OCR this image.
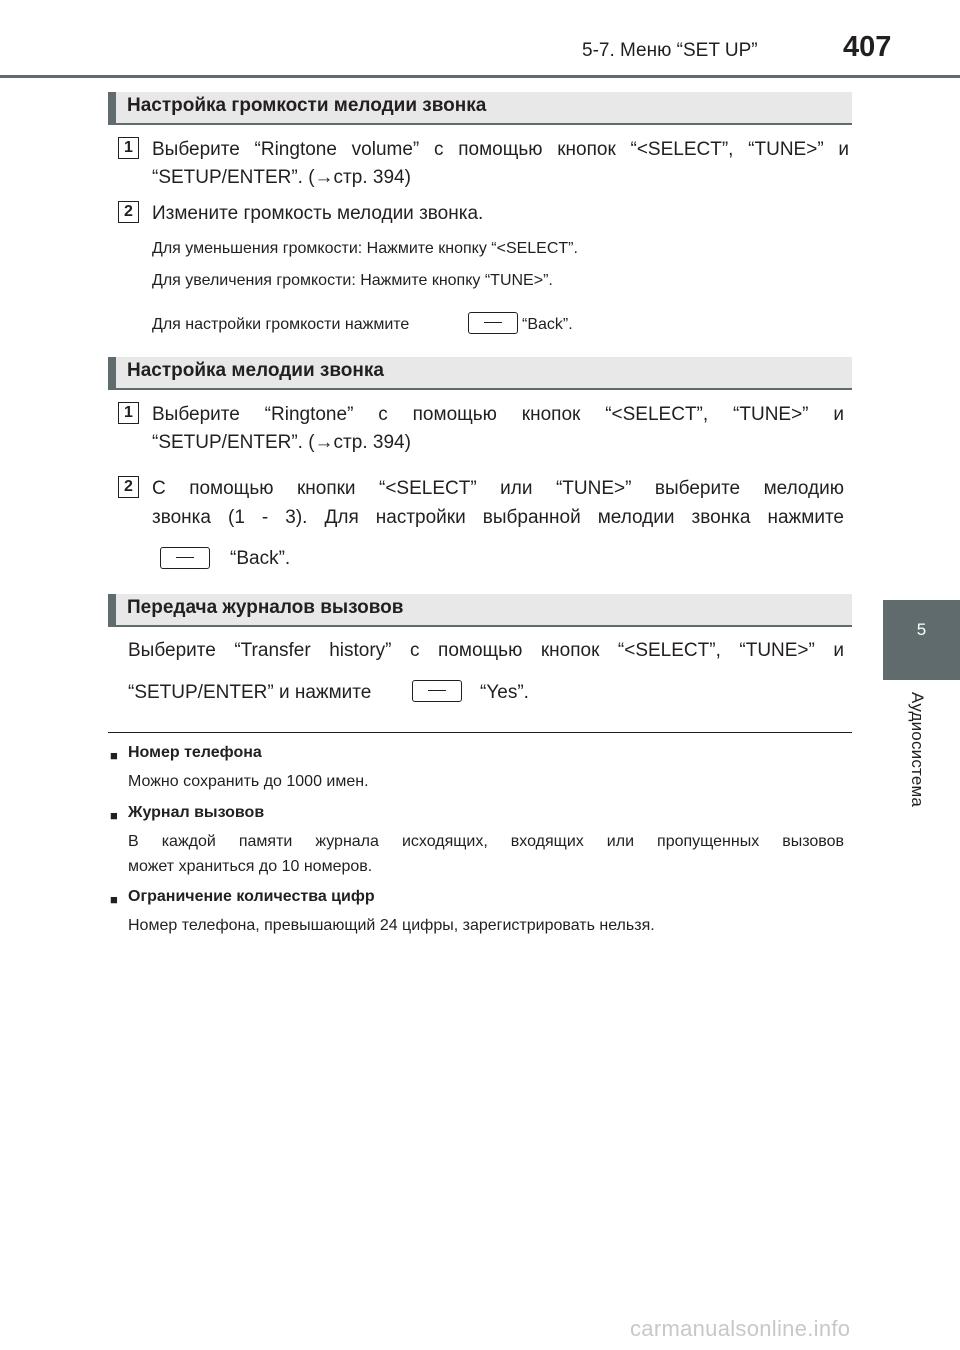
5-7. Меню “SET UP”	407
5
Аудиосистема
Настройка громкости мелодии звонка
1	Выберите “Ringtone volume” с помощью кнопок “<SELECT”, “TUNE>” и
“SETUP/ENTER”. (→стр. 394)
2	Измените громкость мелодии звонка.
Для уменьшения громкости: Нажмите кнопку “<SELECT”.
Для увеличения громкости: Нажмите кнопку “TUNE>”.
Для настройки громкости нажмите	“Back”.
Настройка мелодии звонка
1	Выберите “Ringtone” с помощью кнопок “<SELECT”, “TUNE>” и
“SETUP/ENTER”. (→стр. 394)
2	С помощью кнопки “<SELECT” или “TUNE>” выберите мелодию
звонка (1 - 3). Для настройки выбранной мелодии звонка нажмите
“Back”.
Передача журналов вызовов
Выберите “Transfer history” с помощью кнопок “<SELECT”, “TUNE>” и
“SETUP/ENTER” и нажмите	“Yes”.
■ Номер телефона
Можно сохранить до 1000 имен.
■ Журнал вызовов
В каждой памяти журнала исходящих, входящих или пропущенных вызовов
может храниться до 10 номеров.
■ Ограничение количества цифр
Номер телефона, превышающий 24 цифры, зарегистрировать нельзя.
carmanualsonline.info
